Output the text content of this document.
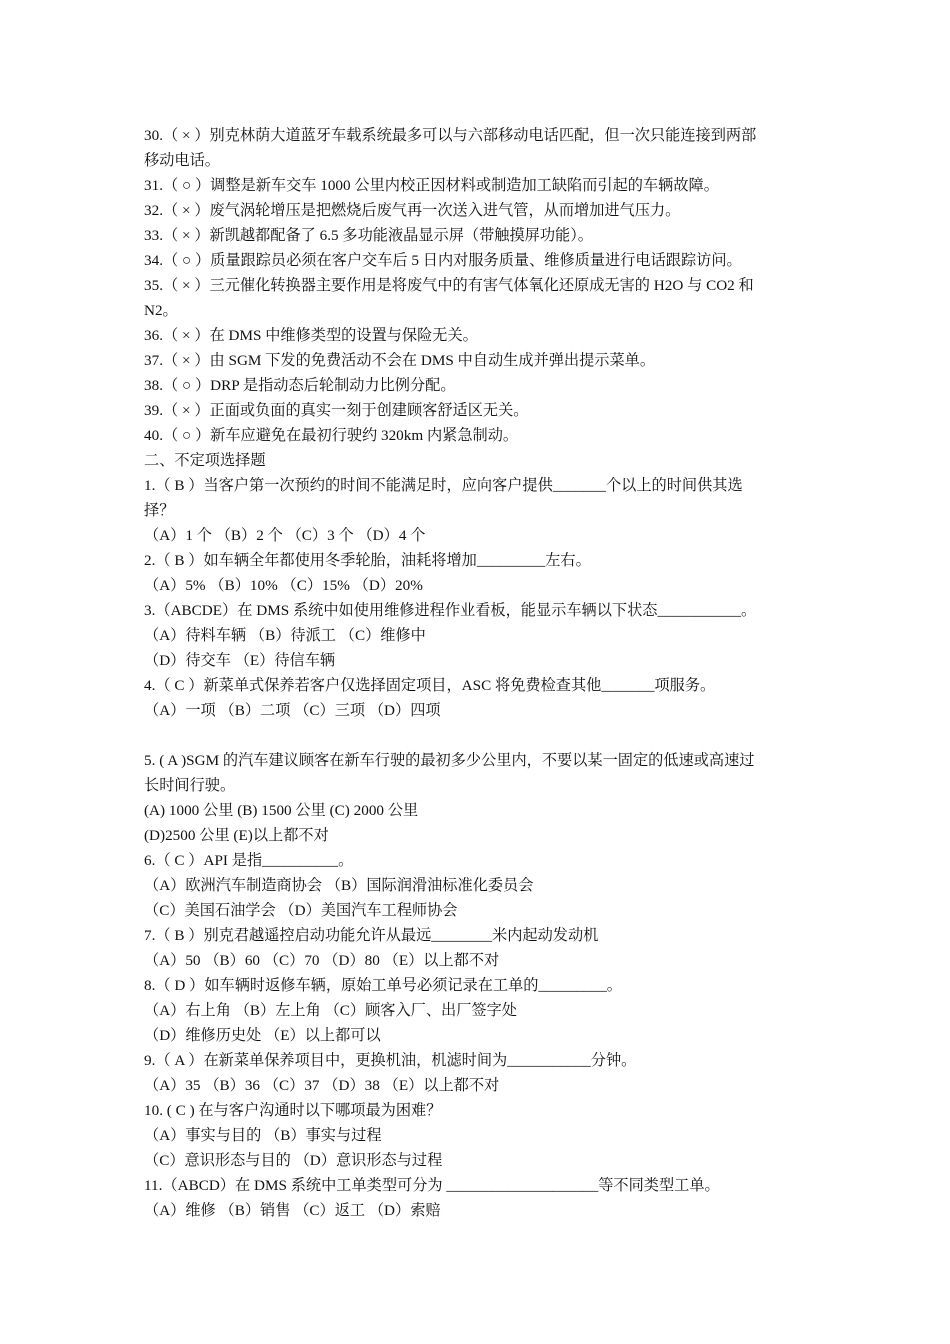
30.（ × ）别克林荫大道蓝牙车载系统最多可以与六部移动电话匹配，但一次只能连接到两部
移动电话。
31.（ ○ ）调整是新车交车 1000 公里内校正因材料或制造加工缺陷而引起的车辆故障。
32.（ × ）废气涡轮增压是把燃烧后废气再一次送入进气管，从而增加进气压力。
33.（ × ）新凯越都配备了 6.5 多功能液晶显示屏（带触摸屏功能）。
34.（ ○ ）质量跟踪员必须在客户交车后 5 日内对服务质量、维修质量进行电话跟踪访问。
35.（ × ）三元催化转换器主要作用是将废气中的有害气体氧化还原成无害的 H2O 与 CO2 和
N2。
36.（ × ）在 DMS 中维修类型的设置与保险无关。
37.（ × ）由 SGM 下发的免费活动不会在 DMS 中自动生成并弹出提示菜单。
38.（ ○ ）DRP 是指动态后轮制动力比例分配。
39.（ × ）正面或负面的真实一刻于创建顾客舒适区无关。
40.（ ○ ）新车应避免在最初行驶约 320km 内紧急制动。
二、不定项选择题
1.（ B ）当客户第一次预约的时间不能满足时，应向客户提供_______个以上的时间供其选
择？
（A）1 个 （B）2 个 （C）3 个 （D）4 个
2.（ B ）如车辆全年都使用冬季轮胎，油耗将增加_________左右。
（A）5% （B）10% （C）15% （D）20%
3.（ABCDE）在 DMS 系统中如使用维修进程作业看板，能显示车辆以下状态___________。
（A）待料车辆 （B）待派工 （C）维修中
（D）待交车 （E）待信车辆
4.（ C ）新菜单式保养若客户仅选择固定项目，ASC 将免费检查其他_______项服务。
（A）一项 （B）二项 （C）三项 （D）四项
5. ( A )SGM 的汽车建议顾客在新车行驶的最初多少公里内，不要以某一固定的低速或高速过
长时间行驶。
(A) 1000 公里 (B) 1500 公里 (C) 2000 公里
(D)2500 公里 (E)以上都不对
6.（ C ）API 是指__________。
（A）欧洲汽车制造商协会 （B）国际润滑油标准化委员会
（C）美国石油学会 （D）美国汽车工程师协会
7.（ B ）别克君越遥控启动功能允许从最远________米内起动发动机
（A）50 （B）60 （C）70 （D）80 （E）以上都不对
8.（ D ）如车辆时返修车辆，原始工单号必须记录在工单的_________。
（A）右上角 （B）左上角 （C）顾客入厂、出厂签字处
（D）维修历史处 （E）以上都可以
9.（ A ）在新菜单保养项目中，更换机油，机滤时间为___________分钟。
（A）35 （B）36 （C）37 （D）38 （E）以上都不对
10. ( C ) 在与客户沟通时以下哪项最为困难？
（A）事实与目的 （B）事实与过程
（C）意识形态与目的 （D）意识形态与过程
11.（ABCD）在 DMS 系统中工单类型可分为 ____________________等不同类型工单。
（A）维修 （B）销售 （C）返工 （D）索赔
